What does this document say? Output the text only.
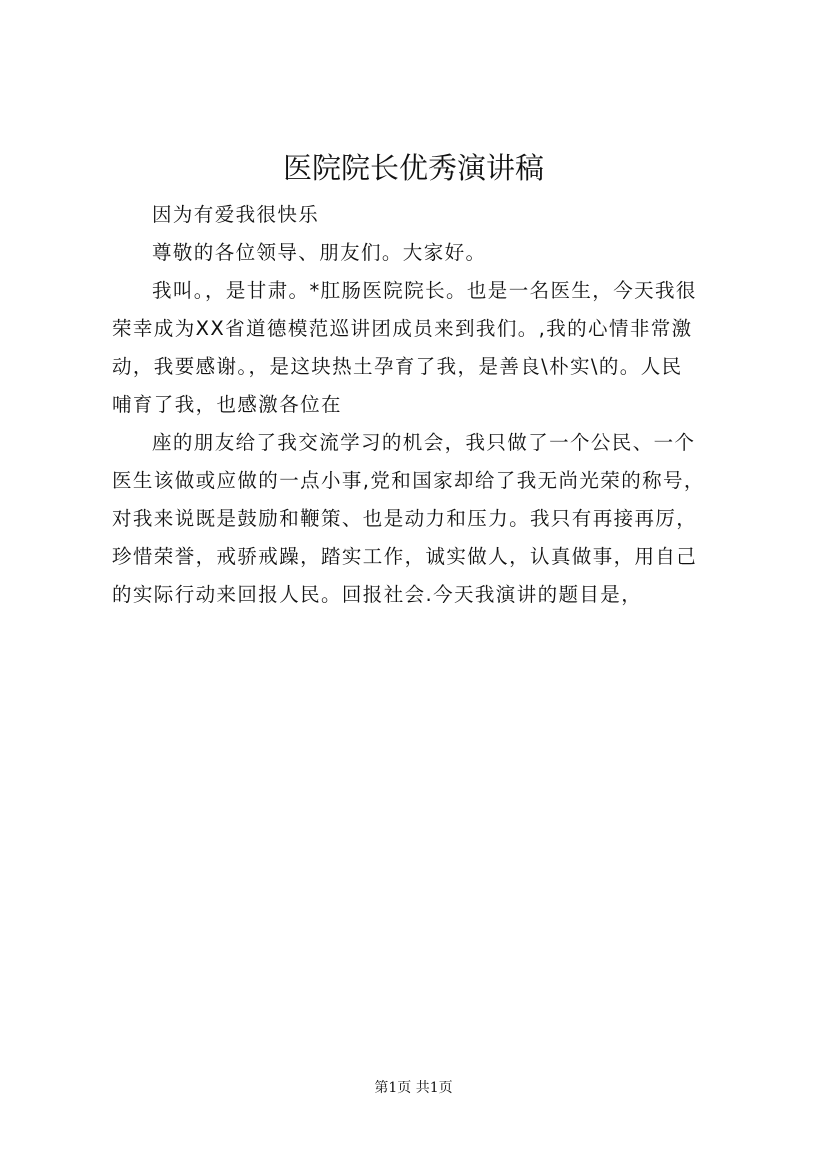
医院院长优秀演讲稿

因为有爱我很快乐

尊敬的各位领导、朋友们。大家好。

我叫。，是甘肃。*肛肠医院院长。也是一名医生，今天我很
荣幸成为XX省道德模范巡讲团成员来到我们。,我的心情非常激
动，我要感谢。，是这块热土孕育了我，是善良\朴实\的。人民
哺育了我，也感激各位在

座的朋友给了我交流学习的机会，我只做了一个公民、一个
医生该做或应做的一点小事,党和国家却给了我无尚光荣的称号，
对我来说既是鼓励和鞭策、也是动力和压力。我只有再接再厉，
珍惜荣誉，戒骄戒躁，踏实工作，诚实做人，认真做事，用自己
的实际行动来回报人民。回报社会.今天我演讲的题目是，

第1页 共1页
